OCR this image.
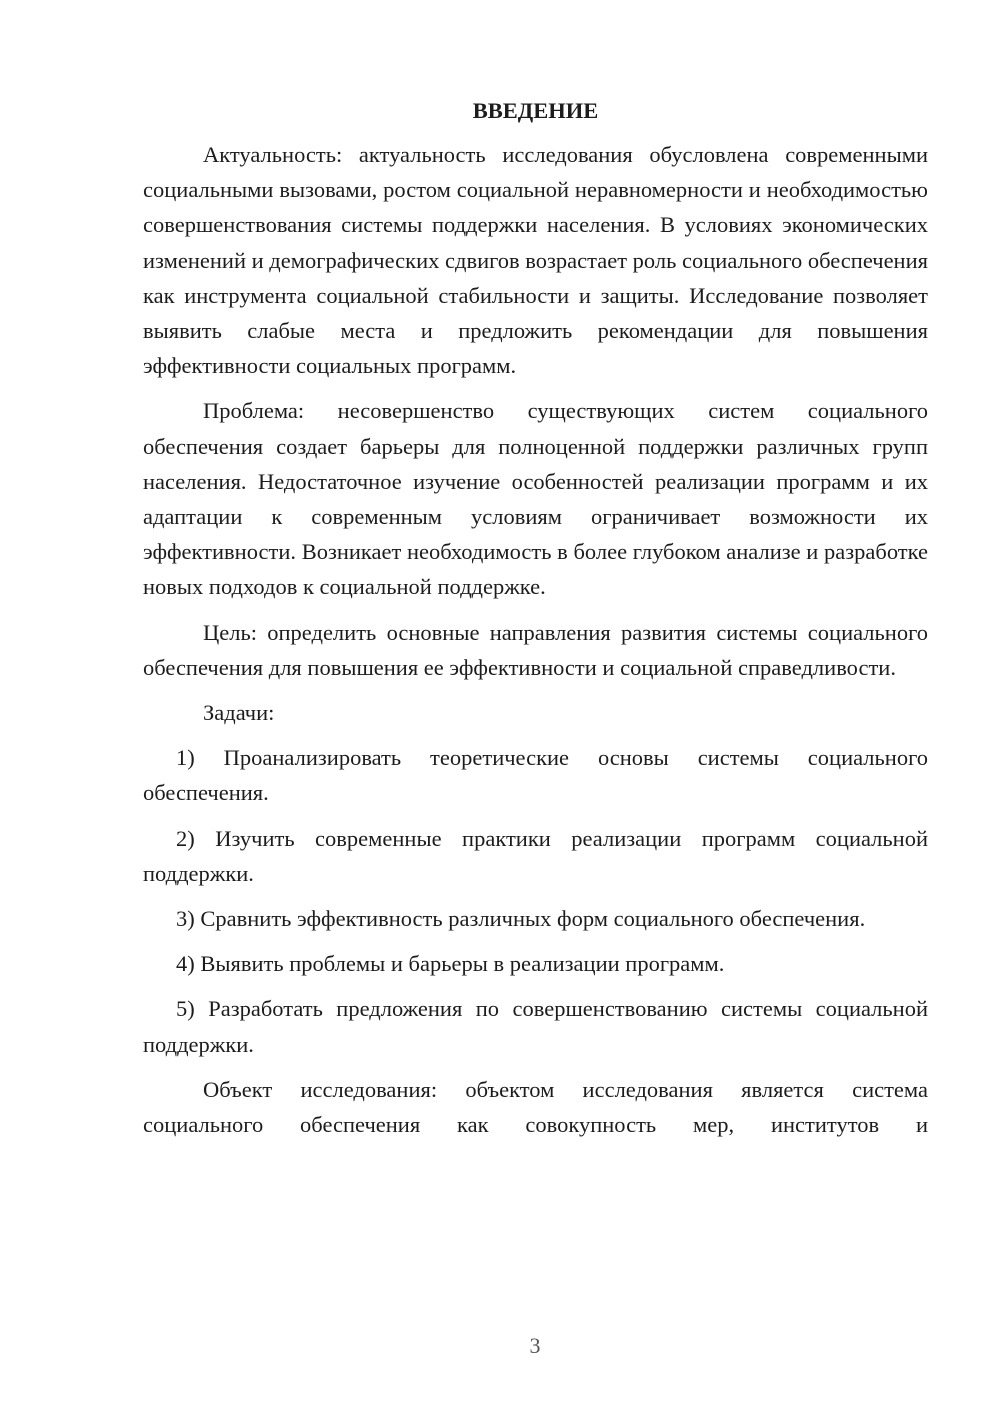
ВВЕДЕНИЕ

Актуальность: актуальность исследования обусловлена современными социальными вызовами, ростом социальной неравномерности и необходимостью совершенствования системы поддержки населения. В условиях экономических изменений и демографических сдвигов возрастает роль социального обеспечения как инструмента социальной стабильности и защиты. Исследование позволяет выявить слабые места и предложить рекомендации для повышения эффективности социальных программ.

Проблема: несовершенство существующих систем социального обеспечения создает барьеры для полноценной поддержки различных групп населения. Недостаточное изучение особенностей реализации программ и их адаптации к современным условиям ограничивает возможности их эффективности. Возникает необходимость в более глубоком анализе и разработке новых подходов к социальной поддержке.

Цель: определить основные направления развития системы социального обеспечения для повышения ее эффективности и социальной справедливости.

Задачи:

1) Проанализировать теоретические основы системы социального обеспечения.

2) Изучить современные практики реализации программ социальной поддержки.

3) Сравнить эффективность различных форм социального обеспечения.

4) Выявить проблемы и барьеры в реализации программ.

5) Разработать предложения по совершенствованию системы социальной поддержки.

Объект исследования: объектом исследования является система социального обеспечения как совокупность мер, институтов и

3
